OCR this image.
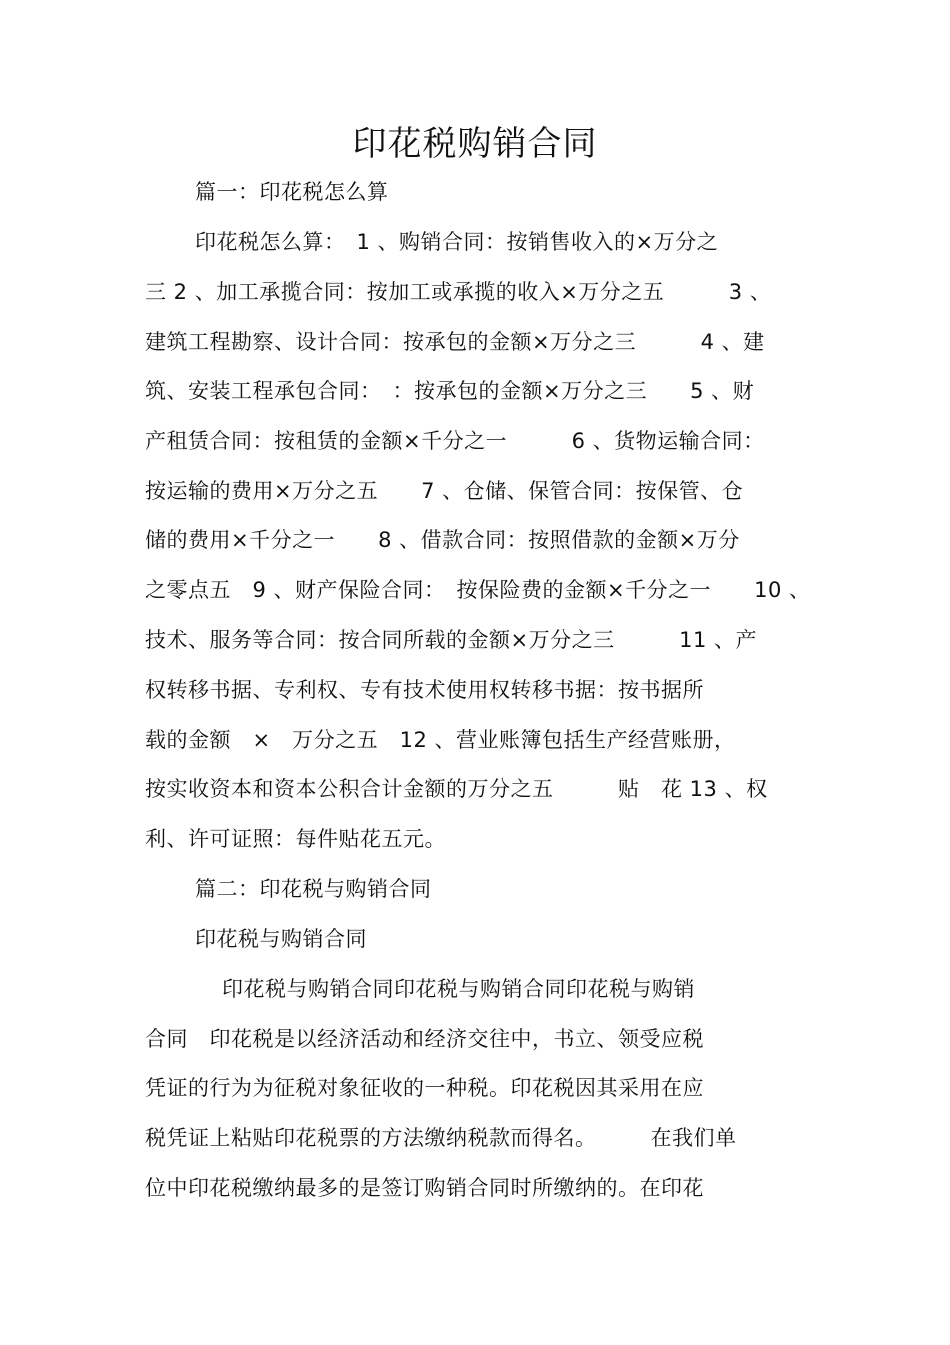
印花税购销合同
篇一：印花税怎么算
印花税怎么算：　1 、购销合同：按销售收入的×万分之
三 2 、加工承揽合同：按加工或承揽的收入×万分之五　　　3 、
建筑工程勘察、设计合同：按承包的金额×万分之三　　　4 、建
筑、安装工程承包合同：　：按承包的金额×万分之三　　5 、财
产租赁合同：按租赁的金额×千分之一　　　6 、货物运输合同：
按运输的费用×万分之五　　7 、仓储、保管合同：按保管、仓
储的费用×千分之一　　8 、借款合同：按照借款的金额×万分
之零点五　9 、财产保险合同：　按保险费的金额×千分之一　　10 、
技术、服务等合同：按合同所载的金额×万分之三　　　11 、产
权转移书据、专利权、专有技术使用权转移书据：按书据所
载的金额　×　万分之五　12 、营业账簿包括生产经营账册，
按实收资本和资本公积合计金额的万分之五　　　贴　花 13 、权
利、许可证照：每件贴花五元。
篇二：印花税与购销合同
印花税与购销合同
印花税与购销合同印花税与购销合同印花税与购销
合同　印花税是以经济活动和经济交往中，书立、领受应税
凭证的行为为征税对象征收的一种税。印花税因其采用在应
税凭证上粘贴印花税票的方法缴纳税款而得名。　　　在我们单
位中印花税缴纳最多的是签订购销合同时所缴纳的。在印花
